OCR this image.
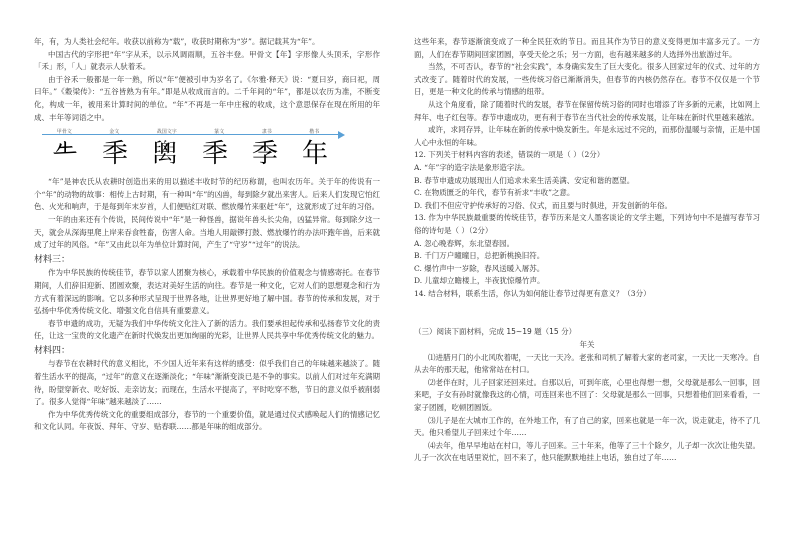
年，有，为人类社会纪年。收获以前称为“载”，收获时期称为“岁”。据记载其为“年”。

中国古代的字形把“年”字从禾，以示风调雨顺，五谷丰登。甲骨文【年】字形像人头顶禾，字形作「禾」形，「人」就表示人驮着禾。

由于谷禾一般都是一年一熟，所以“年”便被引申为岁名了。《尔雅·释天》说：“夏曰岁，商曰祀，周曰年。”《穀梁传》：“五谷皆熟为有年。”即是从收成而言的。二千年间的“年”，都是以农历为准，不断变化，构成一年，被用来计算时间的单位。“年”不再是一年中庄稼的收成，这个意思保存在现在所用的年成、丰年等词语之中。

甲骨文	金文	战国文字	篆文	隶书	楷书
𠂒 秊 𥝈 秊 季 年

“年”是神农氏从农耕时创造出来的用以描述丰收时节的纪历称谓，也叫农历年。关于年的传说有一个“年”的动物的故事：相传上古时期，有一种叫“年”的凶兽，每到除夕就出来害人。后来人们发现它怕红色、火光和响声，于是每到年末岁首，人们便贴红对联、燃放爆竹来驱赶“年”，这就形成了过年的习俗。

一年的由来还有个传说，民间传说中“年”是一种怪兽，据说年兽头长尖角，凶猛异常。每到除夕这一天，就会从深海里爬上岸来吞食牲畜，伤害人命。当地人用敲锣打鼓、燃放爆竹的办法吓跑年兽，后来就成了过年的风俗。“年”又由此以年为单位计算时间，产生了“守岁”“过年”的说法。

材料三：

作为中华民族的传统佳节，春节以家人团聚为核心，承载着中华民族的价值观念与情感寄托。在春节期间，人们辞旧迎新、团圆欢聚，表达对美好生活的向往。春节是一种文化，它对人们的思想观念和行为方式有着深远的影响。它以多种形式呈现于世界各地，让世界更好地了解中国。春节的传承和发展，对于弘扬中华优秀传统文化、增强文化自信具有重要意义。

春节申遗的成功，无疑为我们中华传统文化注入了新的活力。我们要承担起传承和弘扬春节文化的责任，让这一宝贵的文化遗产在新时代焕发出更加绚丽的光彩，让世界人民共享中华优秀传统文化的魅力。

材料四：

与春节在农耕时代的意义相比，不少国人近年来有这样的感受：似乎我们自己的年味越来越淡了。随着生活水平的提高，“过年”的意义在逐渐淡化；“年味”渐渐变淡已是不争的事实。以前人们对过年充满期待，盼望穿新衣、吃好饭、走亲访友；而现在，生活水平提高了，平时吃穿不愁，节日的意义似乎被削弱了。很多人觉得“年味”越来越淡了……

作为中华优秀传统文化的重要组成部分，春节的一个重要价值，就是通过仪式感唤起人们的情感记忆和文化认同。年夜饭、拜年、守岁、贴春联……都是年味的组成部分。

这些年来，春节逐渐演变成了一种全民狂欢的节日。而且其作为节日的意义变得更加丰富多元了。一方面，人们在春节期间回家团圆，享受天伦之乐；另一方面，也有越来越多的人选择外出旅游过年。

当然，不可否认，春节的“社会实践”，本身确实发生了巨大变化。很多人回家过年的仪式、过年的方式改变了。随着时代的发展，一些传统习俗已渐渐消失，但春节的内核仍然存在。春节不仅仅是一个节日，更是一种文化的传承与情感的纽带。

从这个角度看，除了随着时代的发展，春节在保留传统习俗的同时也增添了许多新的元素，比如网上拜年、电子红包等。春节申遗成功，更有利于春节在当代社会的传承发展，让年味在新时代里越来越浓。

或许，求同存异，让年味在新的传承中焕发新生。年是永远过不完的，而那份温暖与亲情，正是中国人心中永恒的年味。

12. 下列关于材料内容的表述，错误的一项是（ ）（2分）

A. “年”字的造字法是象形造字法。

B. 春节申遗成功展现出人们追求未来生活美满、安定和谐的愿望。

C. 在物质匮乏的年代，春节有祈求“丰收”之意。

D. 我们不但应守护传承好的习俗、仪式，而且要与时俱进，开发创新的年俗。

13. 作为中华民族最重要的传统佳节，春节历来是文人墨客谈论的文学主题，下列诗句中不是描写春节习俗的诗句是（ ）（2分）

A. 忽心晚春辉，东北望春园。

B. 千门万户曈曈日，总把新桃换旧符。

C. 爆竹声中一岁除，春风送暖入屠苏。

D. 儿童却立瞻楼上，半夜犹惊爆竹声。

14. 结合材料，联系生活，你认为如何能让春节过得更有意义？（3分）

（三）阅读下面材料，完成 15~19 题（15 分）

年关

⑴进腊月门的小北风吹着呢，一天比一天冷。老张和司机了解着大家的老司家，一天比一天寒冷。自从去年的那天起，他常常站在村口。

⑵老伴在时，儿子回家还回来过。自那以后，可到年底，心里也得想一想，父母就是那么一回事，回来吧，子女有孙时就像我这的心情，可连回来也不回了：父母就是那么一回事，只想着他们回来看看，一家子团圆，吃顿团圆饭。

⑶儿子是在大城市工作的，在外地工作，有了自己的家，回来也就是一年一次，说走就走，待不了几天。他只希望儿子回来过个年……

⑷去年，他早早地站在村口，等儿子回来。三十年来，他等了三十个除夕，儿子却一次次让他失望。儿子一次次在电话里说忙，回不来了，他只能默默地挂上电话，独自过了年……
